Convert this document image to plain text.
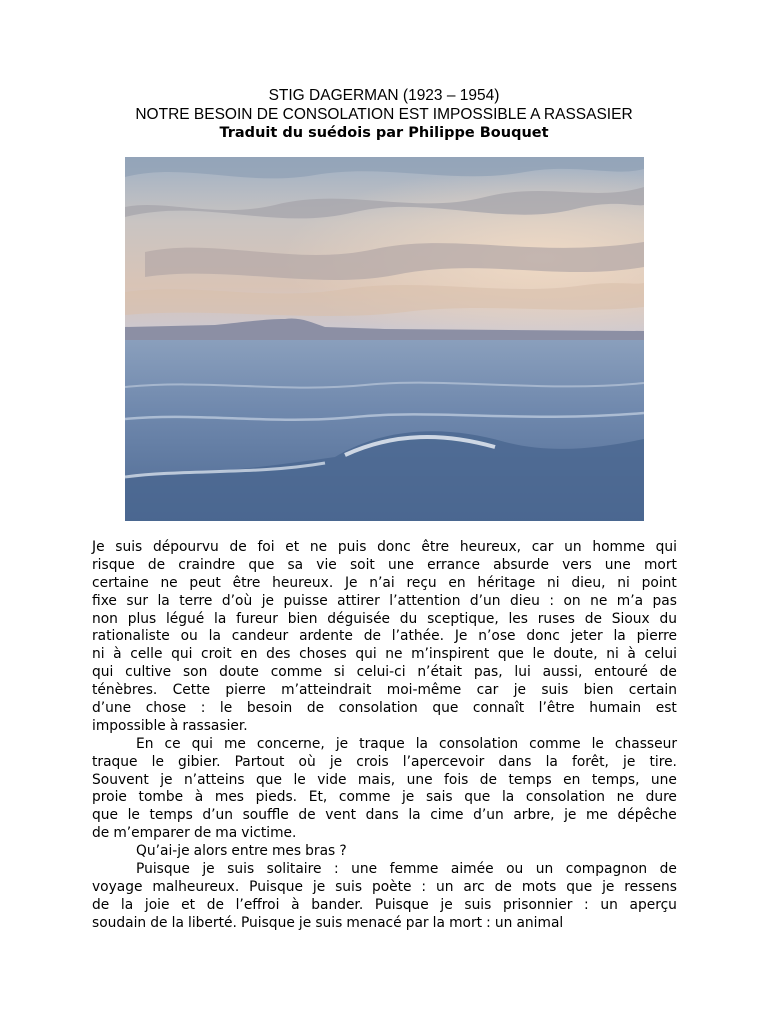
STIG DAGERMAN (1923 – 1954)

NOTRE BESOIN DE CONSOLATION EST IMPOSSIBLE A RASSASIER

Traduit du suédois par Philippe Bouquet

Je suis dépourvu de foi et ne puis donc être heureux, car un homme qui
risque de craindre que sa vie soit une errance absurde vers une mort
certaine ne peut être heureux. Je n’ai reçu en héritage ni dieu, ni point
fixe sur la terre d’où je puisse attirer l’attention d’un dieu : on ne m’a pas
non plus légué la fureur bien déguisée du sceptique, les ruses de Sioux du
rationaliste ou la candeur ardente de l’athée. Je n’ose donc jeter la pierre
ni à celle qui croit en des choses qui ne m’inspirent que le doute, ni à celui
qui cultive son doute comme si celui-ci n’était pas, lui aussi, entouré de
ténèbres. Cette pierre m’atteindrait moi-même car je suis bien certain
d’une chose : le besoin de consolation que connaît l’être humain est
impossible à rassasier.
En ce qui me concerne, je traque la consolation comme le chasseur
traque le gibier. Partout où je crois l’apercevoir dans la forêt, je tire.
Souvent je n’atteins que le vide mais, une fois de temps en temps, une
proie tombe à mes pieds. Et, comme je sais que la consolation ne dure
que le temps d’un souffle de vent dans la cime d’un arbre, je me dépêche
de m’emparer de ma victime.
Qu’ai-je alors entre mes bras ?
Puisque je suis solitaire : une femme aimée ou un compagnon de
voyage malheureux. Puisque je suis poète : un arc de mots que je ressens
de la joie et de l’effroi à bander. Puisque je suis prisonnier : un aperçu
soudain de la liberté. Puisque je suis menacé par la mort : un animal
